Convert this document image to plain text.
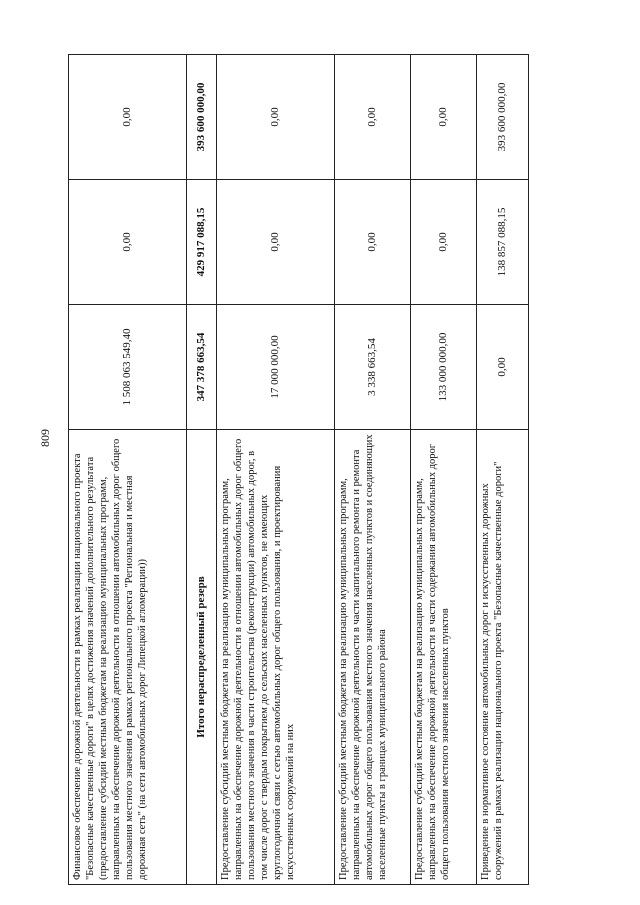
809
Финансовое обеспечение дорожной деятельности в рамках реализации национального проекта "Безопасные качественные дороги" в целях достижения значений дополнительного результата (предоставление субсидий местным бюджетам на реализацию муниципальных программ, направленных на обеспечение дорожной деятельности в отношении автомобильных дорог общего пользования местного значения в рамках регионального проекта "Региональная и местная дорожная сеть" (на сети автомобильных дорог Липецкой агломерации))	1 508 063 549,40	0,00	0,00
Итого нераспределенный резерв	347 378 663,54	429 917 088,15	393 600 000,00
Предоставление субсидий местным бюджетам на реализацию муниципальных программ, направленных на обеспечение дорожной деятельности в отношении автомобильных дорог общего пользования местного значения в части строительства (реконструкции) автомобильных дорог, в том числе дорог с твердым покрытием до сельских населенных пунктов, не имеющих круглогодичной связи с сетью автомобильных дорог общего пользования, и проектирования искусственных сооружений на них	17 000 000,00	0,00	0,00
Предоставление субсидий местным бюджетам на реализацию муниципальных программ, направленных на обеспечение дорожной деятельности в части капитального ремонта и ремонта автомобильных дорог общего пользования местного значения населенных пунктов и соединяющих населенные пункты в границах муниципального района	3 338 663,54	0,00	0,00
Предоставление субсидий местным бюджетам на реализацию муниципальных программ, направленных на обеспечение дорожной деятельности в части содержания автомобильных дорог общего пользования местного значения населенных пунктов	133 000 000,00	0,00	0,00
Приведение в нормативное состояние автомобильных дорог и искусственных дорожных сооружений в рамках реализации национального проекта "Безопасные качественные дороги"	0,00	138 857 088,15	393 600 000,00
